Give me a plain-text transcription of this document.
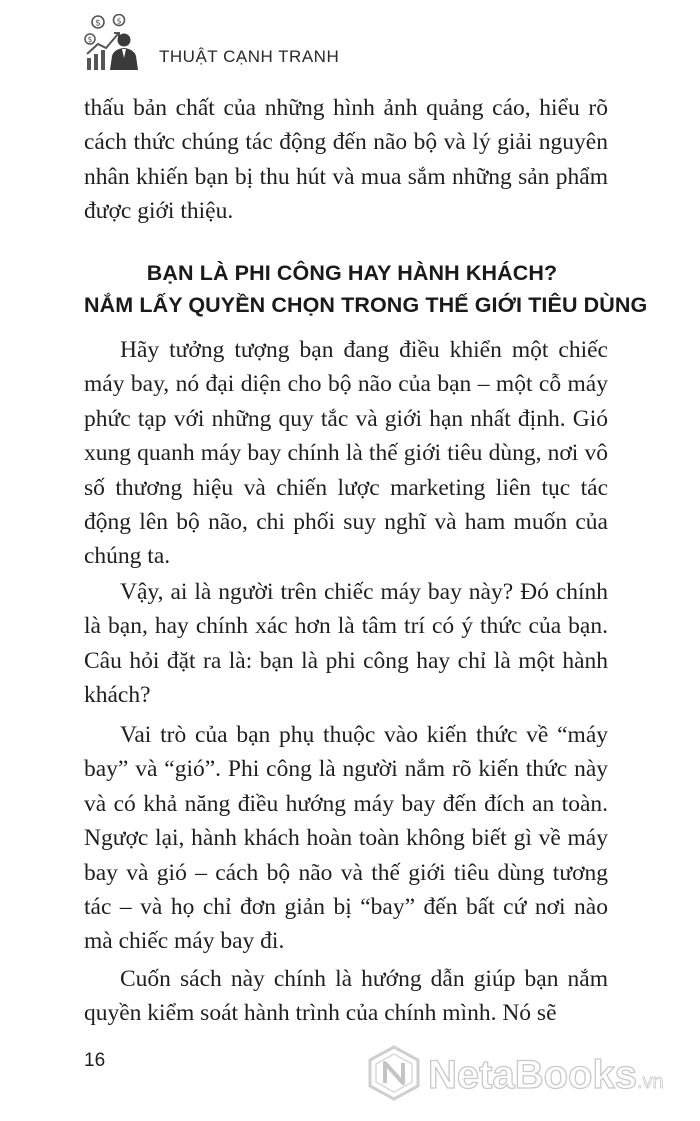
$ $
$
THUẬT CẠNH TRANH

thấu bản chất của những hình ảnh quảng cáo, hiểu rõ cách thức chúng tác động đến não bộ và lý giải nguyên nhân khiến bạn bị thu hút và mua sắm những sản phẩm được giới thiệu.

BẠN LÀ PHI CÔNG HAY HÀNH KHÁCH?
NẮM LẤY QUYỀN CHỌN TRONG THẾ GIỚI TIÊU DÙNG

Hãy tưởng tượng bạn đang điều khiển một chiếc máy bay, nó đại diện cho bộ não của bạn – một cỗ máy phức tạp với những quy tắc và giới hạn nhất định. Gió xung quanh máy bay chính là thế giới tiêu dùng, nơi vô số thương hiệu và chiến lược marketing liên tục tác động lên bộ não, chi phối suy nghĩ và ham muốn của chúng ta.

Vậy, ai là người trên chiếc máy bay này? Đó chính là bạn, hay chính xác hơn là tâm trí có ý thức của bạn. Câu hỏi đặt ra là: bạn là phi công hay chỉ là một hành khách?

Vai trò của bạn phụ thuộc vào kiến thức về “máy bay” và “gió”. Phi công là người nắm rõ kiến thức này và có khả năng điều hướng máy bay đến đích an toàn. Ngược lại, hành khách hoàn toàn không biết gì về máy bay và gió – cách bộ não và thế giới tiêu dùng tương tác – và họ chỉ đơn giản bị “bay” đến bất cứ nơi nào mà chiếc máy bay đi.

Cuốn sách này chính là hướng dẫn giúp bạn nắm quyền kiểm soát hành trình của chính mình. Nó sẽ

16	NetaBooks.vn
